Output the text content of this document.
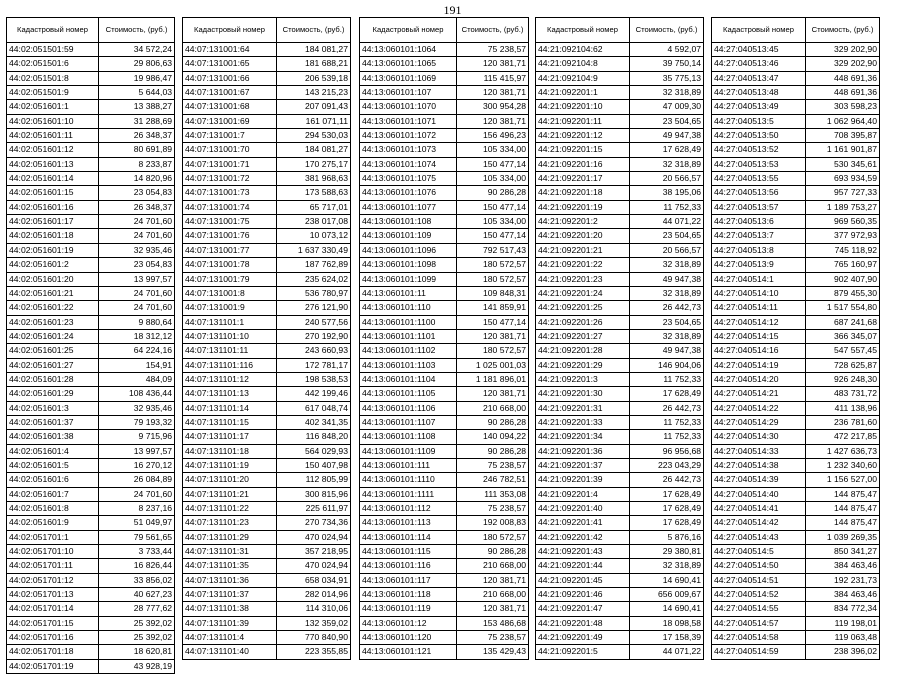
191
Кадастровый номер	Стоимость, (руб.)
44:02:051501:59	34 572,24
44:02:051501:6	29 806,63
44:02:051501:8	19 986,47
44:02:051501:9	5 644,03
44:02:051601:1	13 388,27
44:02:051601:10	31 288,69
44:02:051601:11	26 348,37
44:02:051601:12	80 691,89
44:02:051601:13	8 233,87
44:02:051601:14	14 820,96
44:02:051601:15	23 054,83
44:02:051601:16	26 348,37
44:02:051601:17	24 701,60
44:02:051601:18	24 701,60
44:02:051601:19	32 935,46
44:02:051601:2	23 054,83
44:02:051601:20	13 997,57
44:02:051601:21	24 701,60
44:02:051601:22	24 701,60
44:02:051601:23	9 880,64
44:02:051601:24	18 312,12
44:02:051601:25	64 224,16
44:02:051601:27	154,91
44:02:051601:28	484,09
44:02:051601:29	108 436,44
44:02:051601:3	32 935,46
44:02:051601:37	79 193,32
44:02:051601:38	9 715,96
44:02:051601:4	13 997,57
44:02:051601:5	16 270,12
44:02:051601:6	26 084,89
44:02:051601:7	24 701,60
44:02:051601:8	8 237,16
44:02:051601:9	51 049,97
44:02:051701:1	79 561,65
44:02:051701:10	3 733,44
44:02:051701:11	16 826,44
44:02:051701:12	33 856,02
44:02:051701:13	40 627,23
44:02:051701:14	28 777,62
44:02:051701:15	25 392,02
44:02:051701:16	25 392,02
44:02:051701:18	18 620,81
44:02:051701:19	43 928,19
Кадастровый номер	Стоимость, (руб.)
44:07:131001:64	184 081,27
44:07:131001:65	181 688,21
44:07:131001:66	206 539,18
44:07:131001:67	143 215,23
44:07:131001:68	207 091,43
44:07:131001:69	161 071,11
44:07:131001:7	294 530,03
44:07:131001:70	184 081,27
44:07:131001:71	170 275,17
44:07:131001:72	381 968,63
44:07:131001:73	173 588,63
44:07:131001:74	65 717,01
44:07:131001:75	238 017,08
44:07:131001:76	10 073,12
44:07:131001:77	1 637 330,49
44:07:131001:78	187 762,89
44:07:131001:79	235 624,02
44:07:131001:8	536 780,97
44:07:131001:9	276 121,90
44:07:131101:1	240 577,56
44:07:131101:10	270 192,90
44:07:131101:11	243 660,93
44:07:131101:116	172 781,17
44:07:131101:12	198 538,53
44:07:131101:13	442 199,46
44:07:131101:14	617 048,74
44:07:131101:15	402 341,35
44:07:131101:17	116 848,20
44:07:131101:18	564 029,93
44:07:131101:19	150 407,98
44:07:131101:20	112 805,99
44:07:131101:21	300 815,96
44:07:131101:22	225 611,97
44:07:131101:23	270 734,36
44:07:131101:29	470 024,94
44:07:131101:31	357 218,95
44:07:131101:35	470 024,94
44:07:131101:36	658 034,91
44:07:131101:37	282 014,96
44:07:131101:38	114 310,06
44:07:131101:39	132 359,02
44:07:131101:4	770 840,90
44:07:131101:40	223 355,85
Кадастровый номер	Стоимость, (руб.)
44:13:060101:1064	75 238,57
44:13:060101:1065	120 381,71
44:13:060101:1069	115 415,97
44:13:060101:107	120 381,71
44:13:060101:1070	300 954,28
44:13:060101:1071	120 381,71
44:13:060101:1072	156 496,23
44:13:060101:1073	105 334,00
44:13:060101:1074	150 477,14
44:13:060101:1075	105 334,00
44:13:060101:1076	90 286,28
44:13:060101:1077	150 477,14
44:13:060101:108	105 334,00
44:13:060101:109	150 477,14
44:13:060101:1096	792 517,43
44:13:060101:1098	180 572,57
44:13:060101:1099	180 572,57
44:13:060101:11	109 848,31
44:13:060101:110	141 859,91
44:13:060101:1100	150 477,14
44:13:060101:1101	120 381,71
44:13:060101:1102	180 572,57
44:13:060101:1103	1 025 001,03
44:13:060101:1104	1 181 896,01
44:13:060101:1105	120 381,71
44:13:060101:1106	210 668,00
44:13:060101:1107	90 286,28
44:13:060101:1108	140 094,22
44:13:060101:1109	90 286,28
44:13:060101:111	75 238,57
44:13:060101:1110	246 782,51
44:13:060101:1111	111 353,08
44:13:060101:112	75 238,57
44:13:060101:113	192 008,83
44:13:060101:114	180 572,57
44:13:060101:115	90 286,28
44:13:060101:116	210 668,00
44:13:060101:117	120 381,71
44:13:060101:118	210 668,00
44:13:060101:119	120 381,71
44:13:060101:12	153 486,68
44:13:060101:120	75 238,57
44:13:060101:121	135 429,43
Кадастровый номер	Стоимость, (руб.)
44:21:092104:62	4 592,07
44:21:092104:8	39 750,14
44:21:092104:9	35 775,13
44:21:092201:1	32 318,89
44:21:092201:10	47 009,30
44:21:092201:11	23 504,65
44:21:092201:12	49 947,38
44:21:092201:15	17 628,49
44:21:092201:16	32 318,89
44:21:092201:17	20 566,57
44:21:092201:18	38 195,06
44:21:092201:19	11 752,33
44:21:092201:2	44 071,22
44:21:092201:20	23 504,65
44:21:092201:21	20 566,57
44:21:092201:22	32 318,89
44:21:092201:23	49 947,38
44:21:092201:24	32 318,89
44:21:092201:25	26 442,73
44:21:092201:26	23 504,65
44:21:092201:27	32 318,89
44:21:092201:28	49 947,38
44:21:092201:29	146 904,06
44:21:092201:3	11 752,33
44:21:092201:30	17 628,49
44:21:092201:31	26 442,73
44:21:092201:33	11 752,33
44:21:092201:34	11 752,33
44:21:092201:36	96 956,68
44:21:092201:37	223 043,29
44:21:092201:39	26 442,73
44:21:092201:4	17 628,49
44:21:092201:40	17 628,49
44:21:092201:41	17 628,49
44:21:092201:42	5 876,16
44:21:092201:43	29 380,81
44:21:092201:44	32 318,89
44:21:092201:45	14 690,41
44:21:092201:46	656 009,67
44:21:092201:47	14 690,41
44:21:092201:48	18 098,58
44:21:092201:49	17 158,39
44:21:092201:5	44 071,22
Кадастровый номер	Стоимость, (руб.)
44:27:040513:45	329 202,90
44:27:040513:46	329 202,90
44:27:040513:47	448 691,36
44:27:040513:48	448 691,36
44:27:040513:49	303 598,23
44:27:040513:5	1 062 964,40
44:27:040513:50	708 395,87
44:27:040513:52	1 161 901,87
44:27:040513:53	530 345,61
44:27:040513:55	693 934,59
44:27:040513:56	957 727,33
44:27:040513:57	1 189 753,27
44:27:040513:6	969 560,35
44:27:040513:7	377 972,93
44:27:040513:8	745 118,92
44:27:040513:9	765 160,97
44:27:040514:1	902 407,90
44:27:040514:10	879 455,30
44:27:040514:11	1 517 554,80
44:27:040514:12	687 241,68
44:27:040514:15	366 345,07
44:27:040514:16	547 557,45
44:27:040514:19	728 625,87
44:27:040514:20	926 248,30
44:27:040514:21	483 731,72
44:27:040514:22	411 138,96
44:27:040514:29	236 781,60
44:27:040514:30	472 217,85
44:27:040514:33	1 427 636,73
44:27:040514:38	1 232 340,60
44:27:040514:39	1 156 527,00
44:27:040514:40	144 875,47
44:27:040514:41	144 875,47
44:27:040514:42	144 875,47
44:27:040514:43	1 039 269,35
44:27:040514:5	850 341,27
44:27:040514:50	384 463,46
44:27:040514:51	192 231,73
44:27:040514:52	384 463,46
44:27:040514:55	834 772,34
44:27:040514:57	119 198,01
44:27:040514:58	119 063,48
44:27:040514:59	238 396,02
